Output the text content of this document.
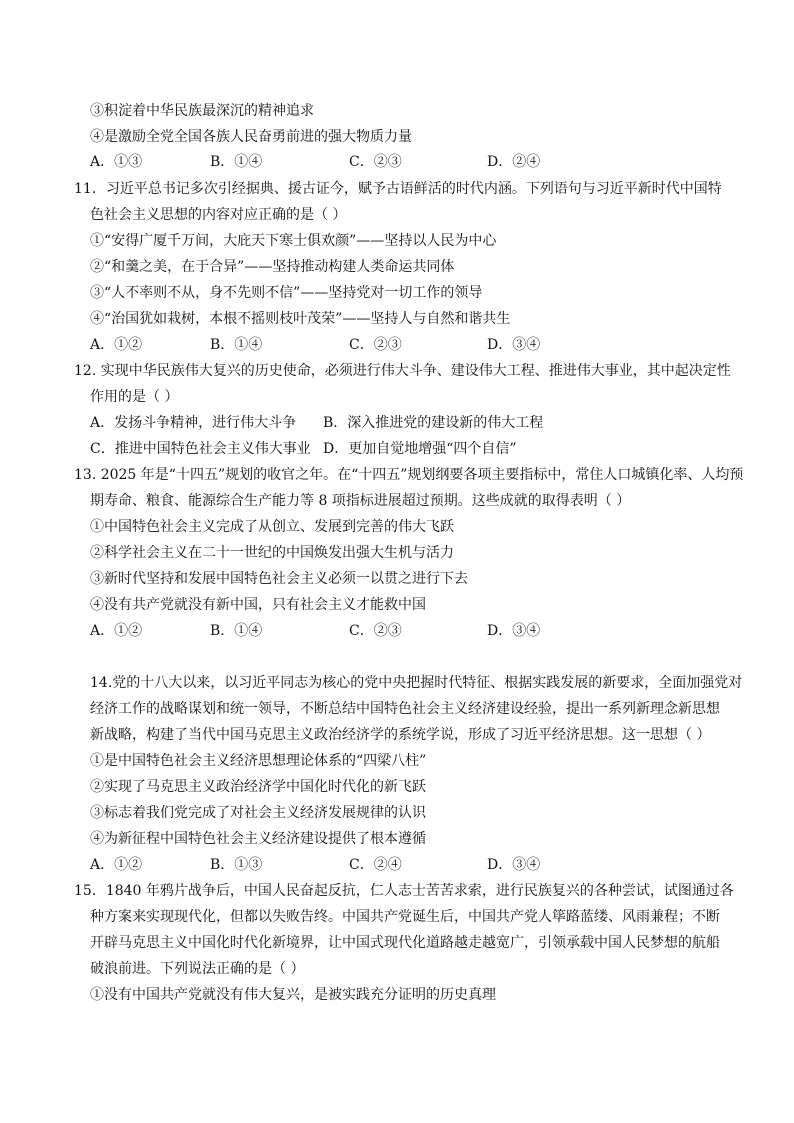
③积淀着中华民族最深沉的精神追求
④是激励全党全国各族人民奋勇前进的强大物质力量
A．①③	B．①④	C．②③	D．②④
11．习近平总书记多次引经据典、援古证今，赋予古语鲜活的时代内涵。下列语句与习近平新时代中国特
色社会主义思想的内容对应正确的是（ ）
①“安得广厦千万间，大庇天下寒士俱欢颜”——坚持以人民为中心
②“和羹之美，在于合异”——坚持推动构建人类命运共同体
③“人不率则不从，身不先则不信”——坚持党对一切工作的领导
④“治国犹如栽树，本根不摇则枝叶茂荣”——坚持人与自然和谐共生
A．①②	B．①④	C．②③	D．③④
12. 实现中华民族伟大复兴的历史使命，必须进行伟大斗争、建设伟大工程、推进伟大事业，其中起决定性
作用的是（ ）
A．发扬斗争精神，进行伟大斗争 B．深入推进党的建设新的伟大工程
C．推进中国特色社会主义伟大事业 D．更加自觉地增强“四个自信”
13. 2025 年是“十四五”规划的收官之年。在“十四五”规划纲要各项主要指标中，常住人口城镇化率、人均预
期寿命、粮食、能源综合生产能力等 8 项指标进展超过预期。这些成就的取得表明（ ）
①中国特色社会主义完成了从创立、发展到完善的伟大飞跃
②科学社会主义在二十一世纪的中国焕发出强大生机与活力
③新时代坚持和发展中国特色社会主义必须一以贯之进行下去
④没有共产党就没有新中国，只有社会主义才能救中国
A．①②	B．①④	C．②③	D．③④
14.党的十八大以来，以习近平同志为核心的党中央把握时代特征、根据实践发展的新要求，全面加强党对
经济工作的战略谋划和统一领导，不断总结中国特色社会主义经济建设经验，提出一系列新理念新思想
新战略，构建了当代中国马克思主义政治经济学的系统学说，形成了习近平经济思想。这一思想（ ）
①是中国特色社会主义经济思想理论体系的“四梁八柱”
②实现了马克思主义政治经济学中国化时代化的新飞跃
③标志着我们党完成了对社会主义经济发展规律的认识
④为新征程中国特色社会主义经济建设提供了根本遵循
A．①②	B．①③	C．②④	D．③④
15．1840 年鸦片战争后，中国人民奋起反抗，仁人志士苦苦求索，进行民族复兴的各种尝试，试图通过各
种方案来实现现代化，但都以失败告终。中国共产党诞生后，中国共产党人筚路蓝缕、风雨兼程；不断
开辟马克思主义中国化时代化新境界，让中国式现代化道路越走越宽广，引领承载中国人民梦想的航船
破浪前进。下列说法正确的是（ ）
①没有中国共产党就没有伟大复兴，是被实践充分证明的历史真理
